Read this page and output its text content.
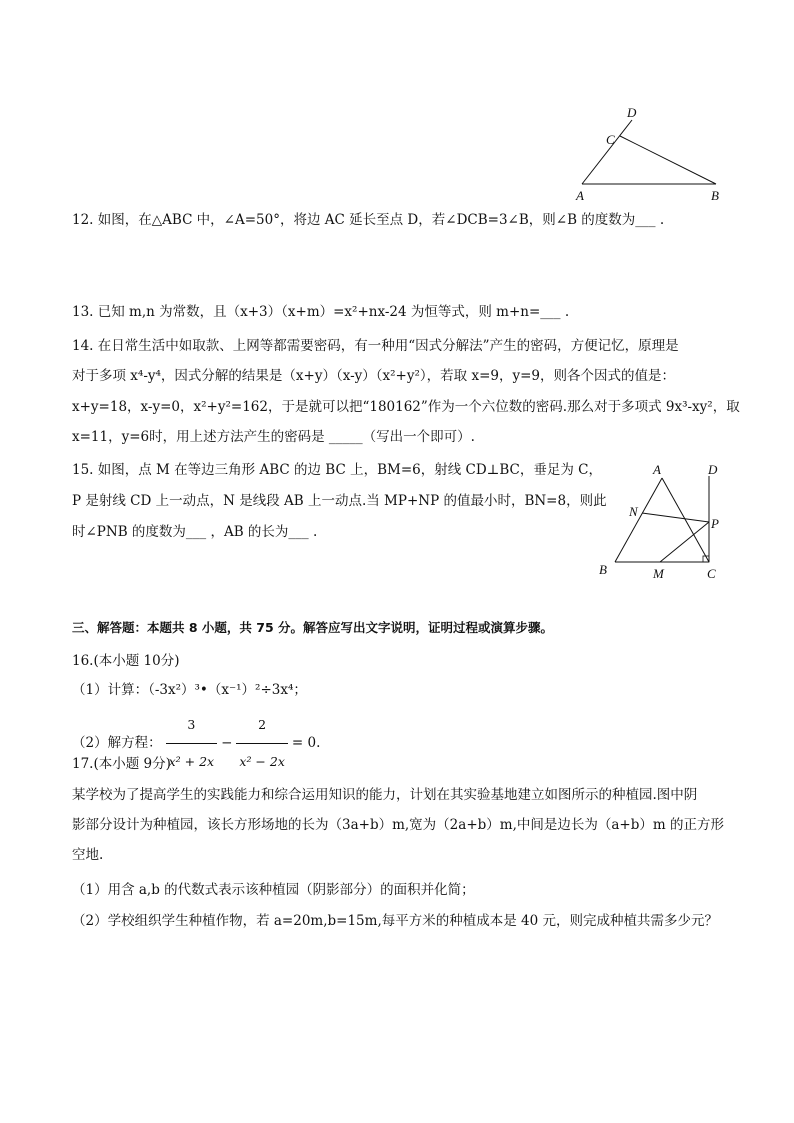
D
C
A	B
12. 如图，在△ABC 中，∠A=50°，将边 AC 延长至点 D，若∠DCB=3∠B，则∠B 的度数为___ .
13. 已知 m,n 为常数，且（x+3）（x+m）=x²+nx-24 为恒等式，则 m+n=___ .
14. 在日常生活中如取款、上网等都需要密码，有一种用“因式分解法”产生的密码，方便记忆，原理是
对于多项 x⁴-y⁴，因式分解的结果是（x+y）（x-y）（x²+y²），若取 x=9，y=9，则各个因式的值是：
x+y=18，x-y=0，x²+y²=162，于是就可以把“180162”作为一个六位数的密码.那么对于多项式 9x³-xy²，取
x=11，y=6时，用上述方法产生的密码是 _____（写出一个即可）.
15. 如图，点 M 在等边三角形 ABC 的边 BC 上，BM=6，射线 CD⊥BC，垂足为 C，
P 是射线 CD 上一动点，N 是线段 AB 上一动点.当 MP+NP 的值最小时，BN=8，则此
时∠PNB 的度数为___ ，AB 的长为___ .
A	D
N
P
B	M	C
三、解答题：本题共 8 小题，共 75 分。解答应写出文字说明，证明过程或演算步骤。
16.(本小题 10分)
（1）计算：（-3x²）³•（x⁻¹）²÷3x⁴；
（2）解方程： $\frac{3}{\text{x² + 2x}} - \frac{2}{\text{x² − 2x}} = 0$.
17.(本小题 9分)
某学校为了提高学生的实践能力和综合运用知识的能力，计划在其实验基地建立如图所示的种植园.图中阴
影部分设计为种植园，该长方形场地的长为（3a+b）m,宽为（2a+b）m,中间是边长为（a+b）m 的正方形
空地.
（1）用含 a,b 的代数式表示该种植园（阴影部分）的面积并化简；
（2）学校组织学生种植作物，若 a=20m,b=15m,每平方米的种植成本是 40 元，则完成种植共需多少元？
